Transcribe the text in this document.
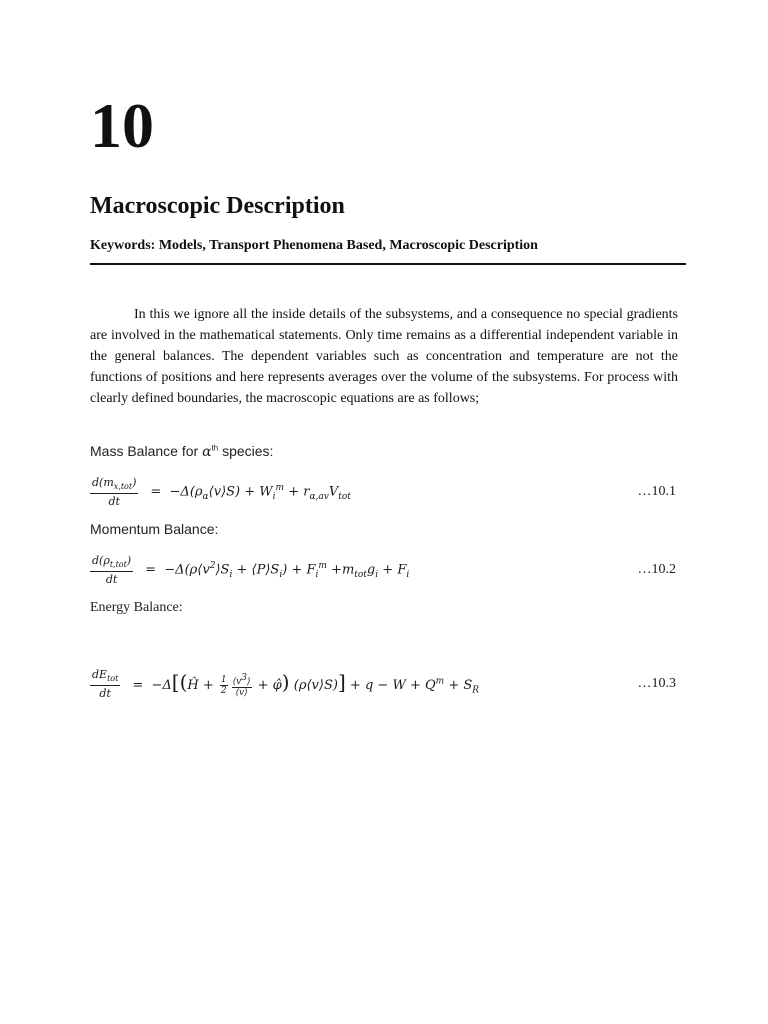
10
Macroscopic Description
Keywords: Models, Transport Phenomena Based, Macroscopic Description

In this we ignore all the inside details of the subsystems, and a consequence no special gradients are involved in the mathematical statements. Only time remains as a differential independent variable in the general balances. The dependent variables such as concentration and temperature are not the functions of positions and here represents averages over the volume of the subsystems. For process with clearly defined boundaries, the macroscopic equations are as follows;

Mass Balance for $\alpha^{th}$ species:
$\frac{d(m_{x,tot})}{dt}$ =  $-\Delta(\rho_\alpha⟨v⟩S) + W_i^m + r_{\alpha,av}V_{tot}$	…10.1
Momentum Balance:
$\frac{d(\rho_{t,tot})}{dt}$ =  $-\Delta(\rho⟨v^2⟩S_i$ + $⟨P⟩S_i) + F_i^m +m_{tot}g_i + F_i$	…10.2
Energy Balance:
$\frac{dE_{tot}}{dt}$ =  −Δ[(Ĥ + $\frac{1}{2} \frac{⟨v^3⟩}{⟨v⟩}$ + φ̂) (ρ⟨v⟩S)] + $q - W + Q^m + S_R$	…10.3
